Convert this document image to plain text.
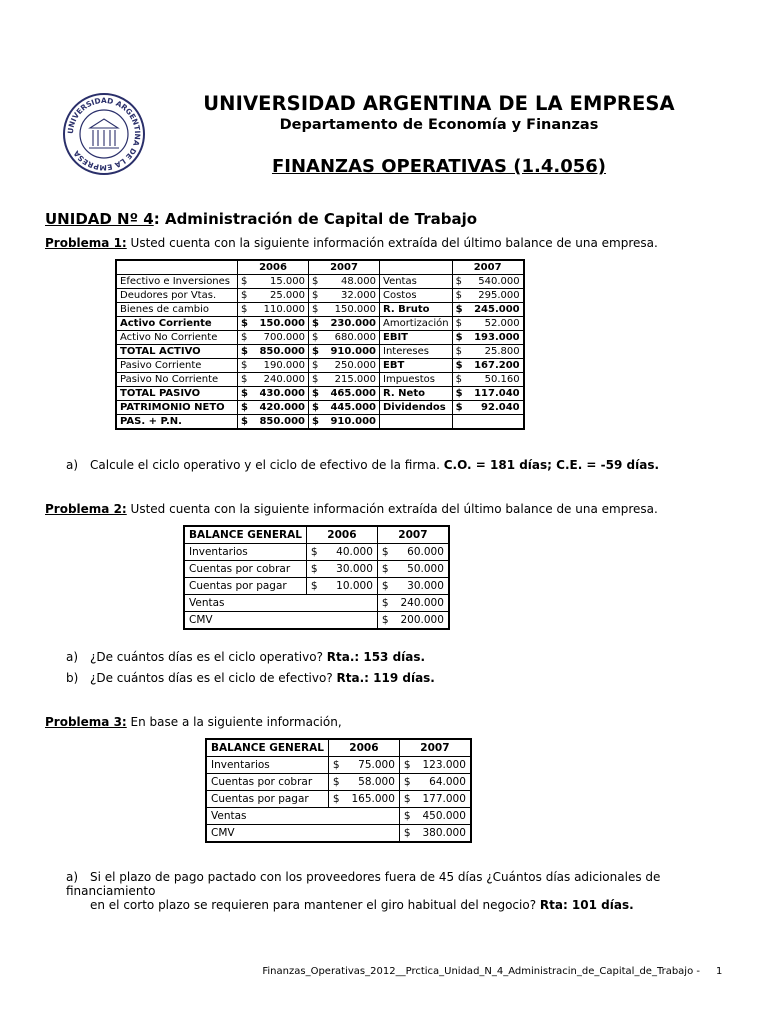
UNIVERSIDAD ARGENTINA DE LA EMPRESA
UNIVERSIDAD ARGENTINA DE LA EMPRESA
Departamento de Economía y Finanzas
FINANZAS OPERATIVAS (1.4.056)
UNIDAD Nº 4: Administración de Capital de Trabajo
Problema 1: Usted cuenta con la siguiente información extraída del último balance de una empresa.
	2006	2007		2007
Efectivo e Inversiones	$ 15.000	$ 48.000	Ventas	$ 540.000

Deudores por Vtas.	$ 25.000	$ 32.000	Costos	$ 295.000

Bienes de cambio	$ 110.000	$ 150.000	R. Bruto	$ 245.000

Activo Corriente	$ 150.000	$ 230.000	Amortización	$ 52.000

Activo No Corriente	$ 700.000	$ 680.000	EBIT	$ 193.000

TOTAL ACTIVO	$ 850.000	$ 910.000	Intereses	$ 25.800

Pasivo Corriente	$ 190.000	$ 250.000	EBT	$ 167.200

Pasivo No Corriente	$ 240.000	$ 215.000	Impuestos	$ 50.160

TOTAL PASIVO	$ 430.000	$ 465.000	R. Neto	$ 117.040

PATRIMONIO NETO	$ 420.000	$ 445.000	Dividendos	$ 92.040

PAS. + P.N.	$ 850.000	$ 910.000		

a) Calcule el ciclo operativo y el ciclo de efectivo de la firma. C.O. = 181 días; C.E. = -59 días.
Problema 2: Usted cuenta con la siguiente información extraída del último balance de una empresa.
BALANCE GENERAL	2006	2007
Inventarios	$ 40.000	$ 60.000

Cuentas por cobrar	$ 30.000	$ 50.000

Cuentas por pagar	$ 10.000	$ 30.000

Ventas		$ 240.000

CMV		$ 200.000
a) ¿De cuántos días es el ciclo operativo? Rta.: 153 días.
b) ¿De cuántos días es el ciclo de efectivo? Rta.: 119 días.
Problema 3: En base a la siguiente información,
BALANCE GENERAL	2006	2007
Inventarios	$ 75.000	$ 123.000

Cuentas por cobrar	$ 58.000	$ 64.000

Cuentas por pagar	$ 165.000	$ 177.000

Ventas		$ 450.000

CMV		$ 380.000
a) Si el plazo de pago pactado con los proveedores fuera de 45 días ¿Cuántos días adicionales de financiamiento
en el corto plazo se requieren para mantener el giro habitual del negocio? Rta: 101 días.
Finanzas_Operativas_2012__Prctica_Unidad_N_4_Administracin_de_Capital_de_Trabajo - 1
